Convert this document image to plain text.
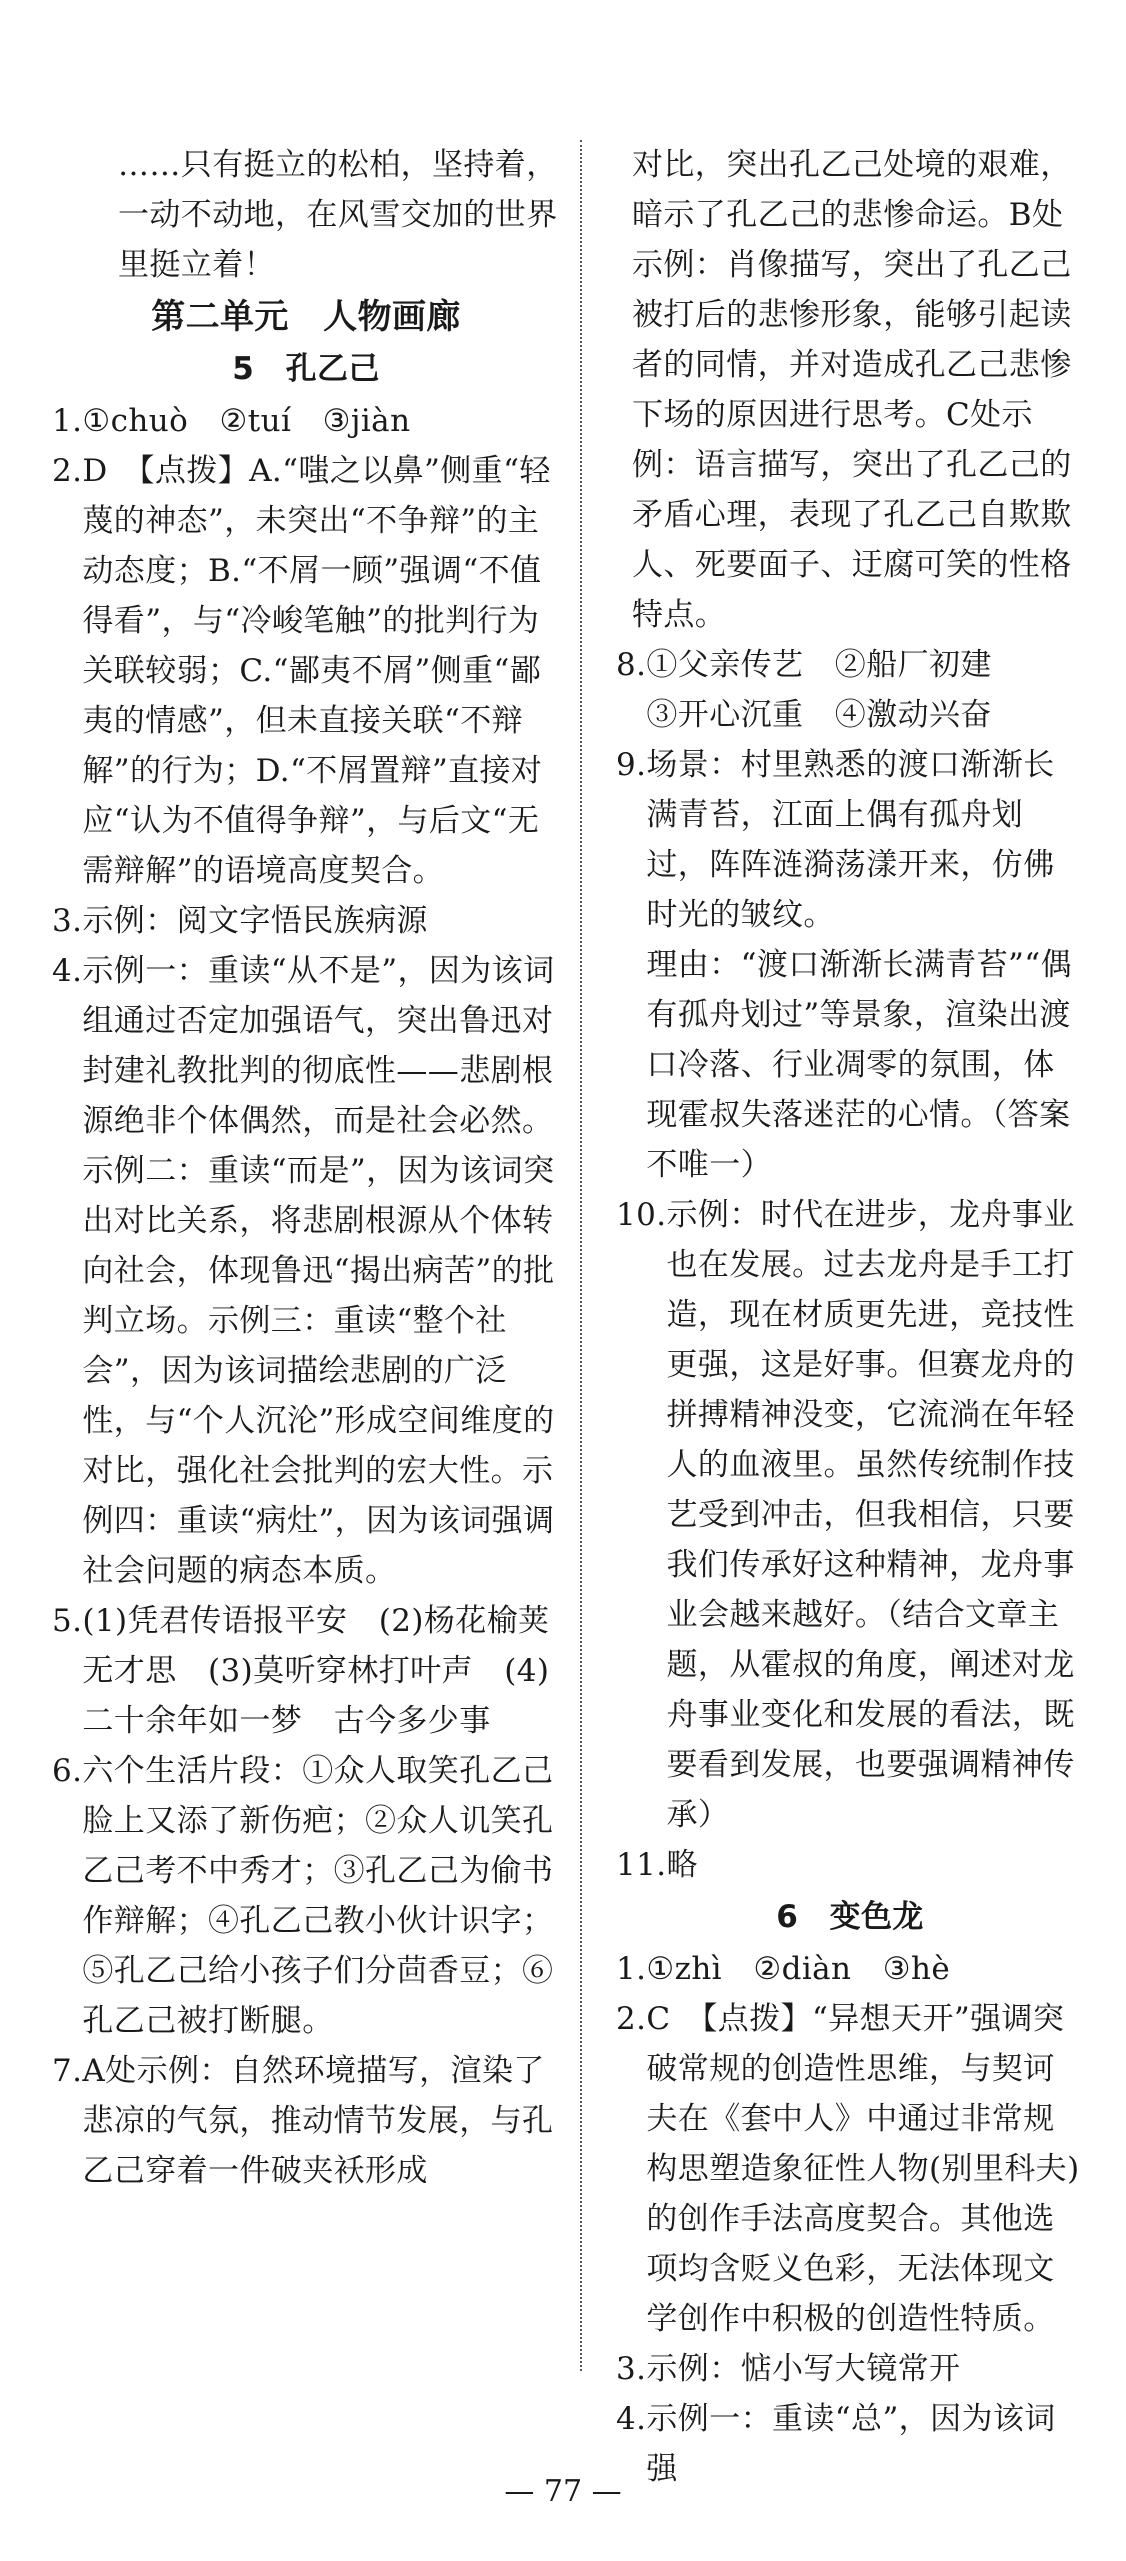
……只有挺立的松柏，坚持着，一动不动地，在风雪交加的世界里挺立着！

第二单元　人物画廊
5　孔乙己
1. ①chuò　②tuí　③jiàn
2. D　【点拨】A.“嗤之以鼻”侧重“轻蔑的神态”，未突出“不争辩”的主动态度；B.“不屑一顾”强调“不值得看”，与“冷峻笔触”的批判行为关联较弱；C.“鄙夷不屑”侧重“鄙夷的情感”，但未直接关联“不辩解”的行为；D.“不屑置辩”直接对应“认为不值得争辩”，与后文“无需辩解”的语境高度契合。
3. 示例：阅文字悟民族病源
4. 示例一：重读“从不是”，因为该词组通过否定加强语气，突出鲁迅对封建礼教批判的彻底性——悲剧根源绝非个体偶然，而是社会必然。示例二：重读“而是”，因为该词突出对比关系，将悲剧根源从个体转向社会，体现鲁迅“揭出病苦”的批判立场。示例三：重读“整个社会”，因为该词描绘悲剧的广泛性，与“个人沉沦”形成空间维度的对比，强化社会批判的宏大性。示例四：重读“病灶”，因为该词强调社会问题的病态本质。
5. (1)凭君传语报平安　(2)杨花榆荚无才思　(3)莫听穿林打叶声　(4)二十余年如一梦　古今多少事
6. 六个生活片段：①众人取笑孔乙己脸上又添了新伤疤；②众人讥笑孔乙己考不中秀才；③孔乙己为偷书作辩解；④孔乙己教小伙计识字；⑤孔乙己给小孩子们分茴香豆；⑥孔乙己被打断腿。
7. A处示例：自然环境描写，渲染了悲凉的气氛，推动情节发展，与孔乙己穿着一件破夹袄形成

对比，突出孔乙己处境的艰难，暗示了孔乙己的悲惨命运。B处示例：肖像描写，突出了孔乙己被打后的悲惨形象，能够引起读者的同情，并对造成孔乙己悲惨下场的原因进行思考。C处示例：语言描写，突出了孔乙己的矛盾心理，表现了孔乙己自欺欺人、死要面子、迂腐可笑的性格特点。

8. ①父亲传艺　②船厂初建
③开心沉重　④激动兴奋
9. 场景：村里熟悉的渡口渐渐长满青苔，江面上偶有孤舟划过，阵阵涟漪荡漾开来，仿佛时光的皱纹。
理由：“渡口渐渐长满青苔”“偶有孤舟划过”等景象，渲染出渡口冷落、行业凋零的氛围，体现霍叔失落迷茫的心情。（答案不唯一）
10. 示例：时代在进步，龙舟事业也在发展。过去龙舟是手工打造，现在材质更先进，竞技性更强，这是好事。但赛龙舟的拼搏精神没变，它流淌在年轻人的血液里。虽然传统制作技艺受到冲击，但我相信，只要我们传承好这种精神，龙舟事业会越来越好。（结合文章主题，从霍叔的角度，阐述对龙舟事业变化和发展的看法，既要看到发展，也要强调精神传承）
11. 略
6　变色龙
1. ①zhì　②diàn　③hè
2. C　【点拨】“异想天开”强调突破常规的创造性思维，与契诃夫在《套中人》中通过非常规构思塑造象征性人物(别里科夫)的创作手法高度契合。其他选项均含贬义色彩，无法体现文学创作中积极的创造性特质。
3. 示例：惦小写大镜常开
4. 示例一：重读“总”，因为该词强
— 77 —
